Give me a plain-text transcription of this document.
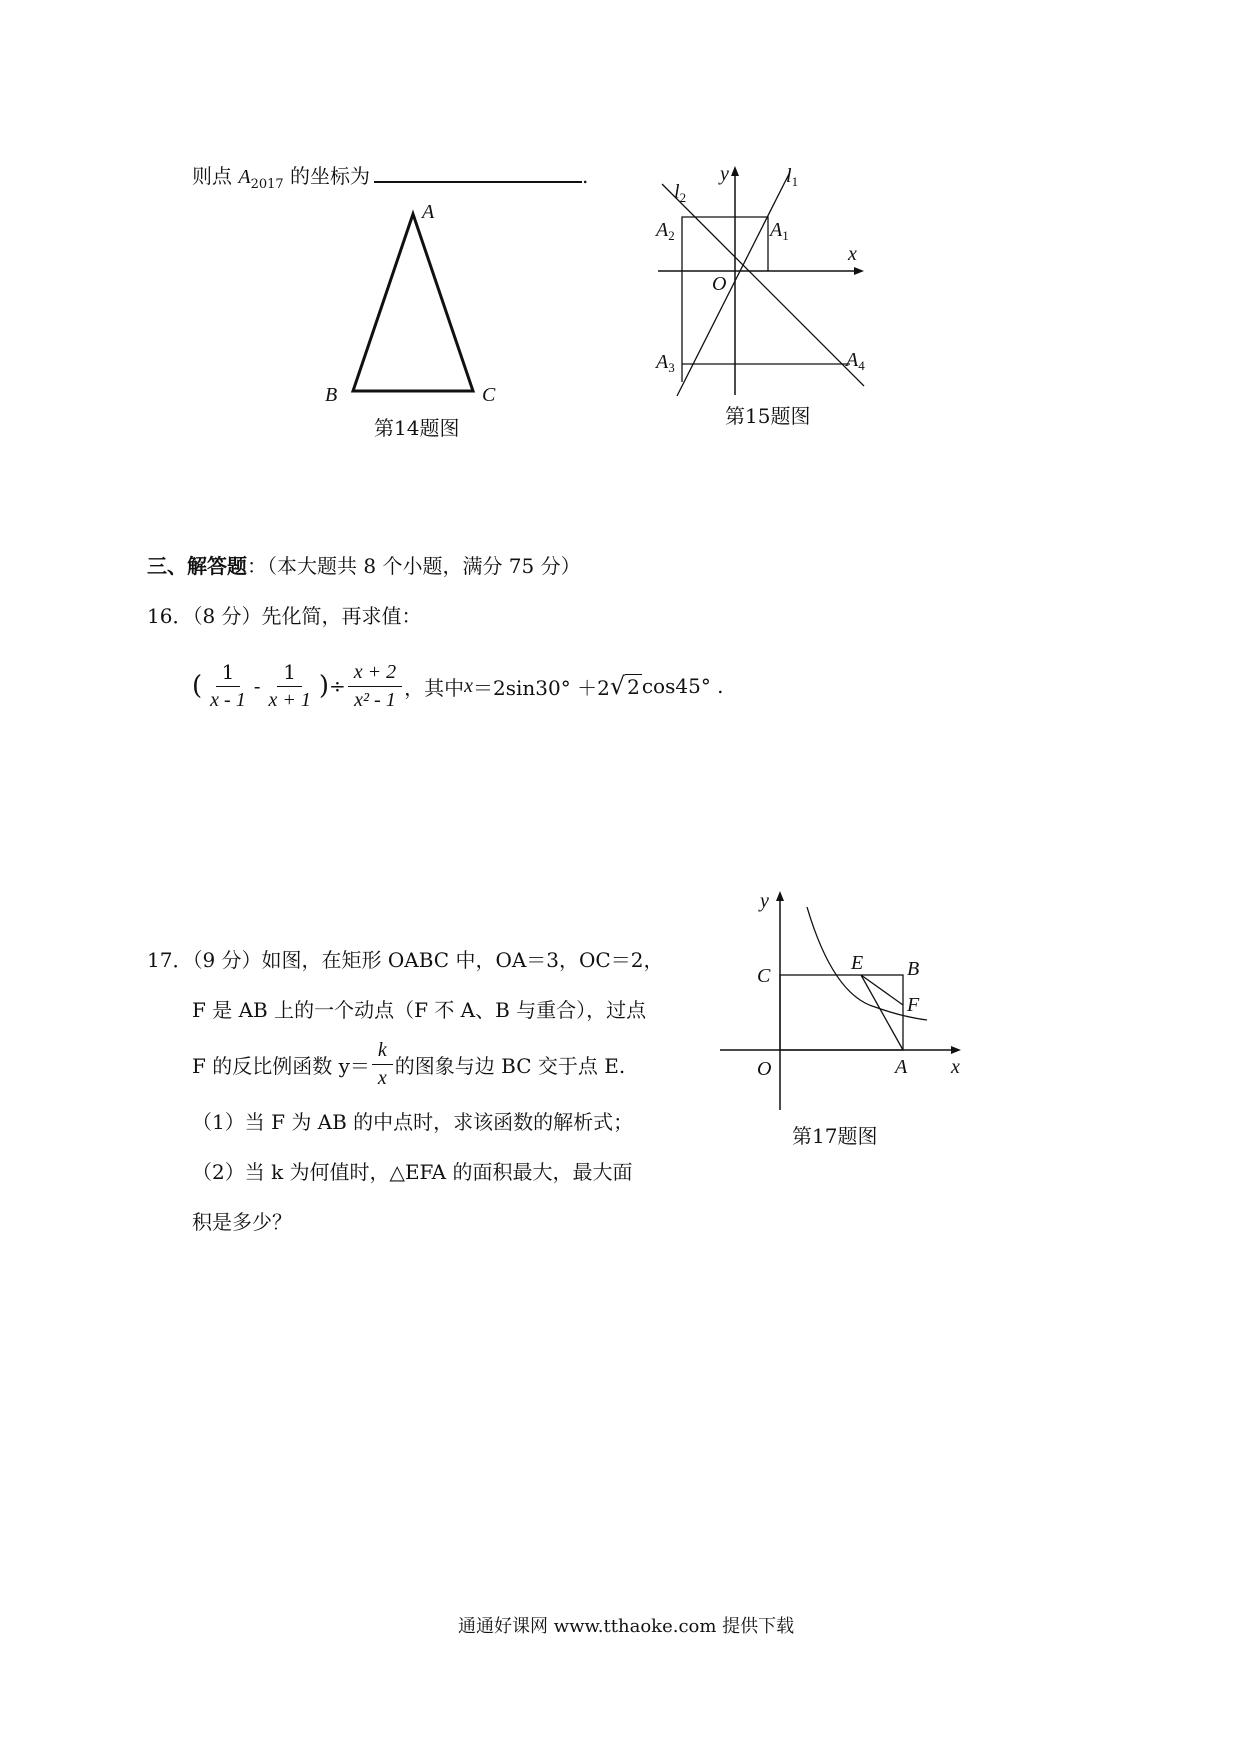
则点 $A_{2017}$ 的坐标为	.
A
B	C
第14题图
y
x
O
$l_1$
$l_2$
$A_1$
$A_2$
$A_3$	$A_4$
第15题图
三、解答题：（本大题共 8 个小题，满分 75 分）
16．（8 分）先化简，再求值：
( $\frac{1}{x - 1} - \frac{1}{x + 1}$ ) ÷ $\frac{x + 2}{\text{x² - 1}}$ ，其中 x ＝2sin30° ＋2 √ 2 cos45° .
17．（9 分）如图，在矩形 OABC 中，OA＝3，OC＝2，
F 是 AB 上的一个动点（F 不 A、B 与重合），过点
F 的反比例函数 $y= \frac{k}{x}$ 的图象与边 BC 交于点 E.
（1）当 F 为 AB 的中点时，求该函数的解析式；
（2）当 k 为何值时，△EFA 的面积最大，最大面
积是多少？
y
x
O
C
E B
F
A
第17题图
通通好课网 www.tthaoke.com 提供下载
